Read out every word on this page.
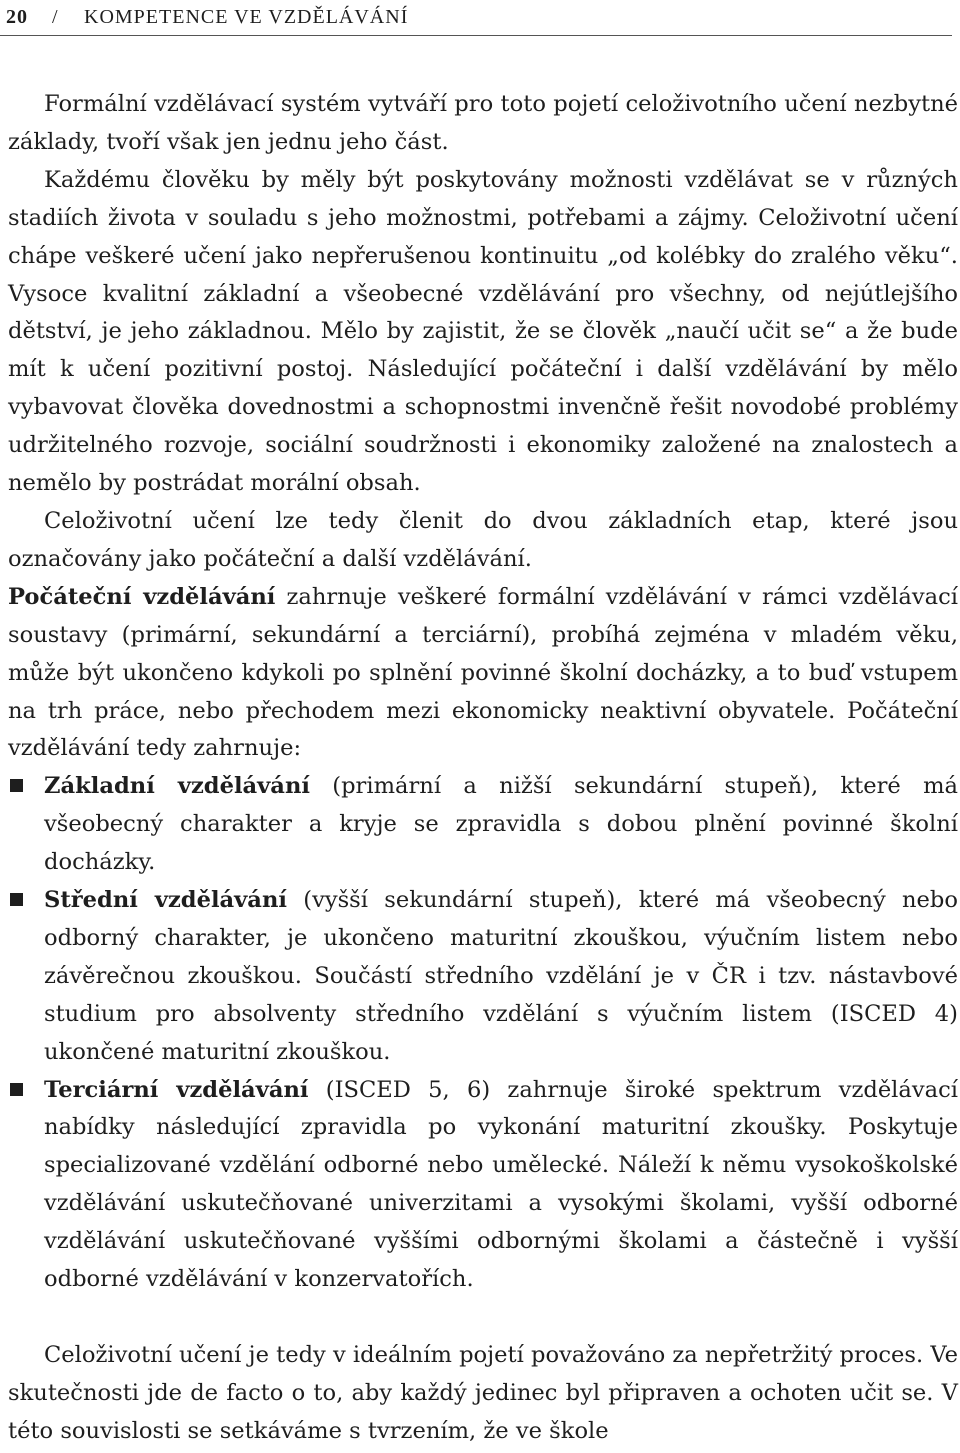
20 / KOMPETENCE VE VZDĚLÁVÁNÍ

Formální vzdělávací systém vytváří pro toto pojetí celoživotního učení nezbytné základy, tvoří však jen jednu jeho část.

Každému člověku by měly být poskytovány možnosti vzdělávat se v různých stadiích života v souladu s jeho možnostmi, potřebami a zájmy. Celoživotní učení chápe veškeré učení jako nepřerušenou kontinuitu „od kolébky do zralého věku“. Vysoce kvalitní základní a všeobecné vzdělávání pro všechny, od nejútlejšího dětství, je jeho základnou. Mělo by zajistit, že se člověk „naučí učit se“ a že bude mít k učení pozitivní postoj. Následující počáteční i další vzdělávání by mělo vybavovat člověka dovednostmi a schopnostmi invenčně řešit novodobé problémy udržitelného rozvoje, sociální soudržnosti i ekonomiky založené na znalostech a nemělo by postrádat morální obsah.

Celoživotní učení lze tedy členit do dvou základních etap, které jsou označovány jako počáteční a další vzdělávání.

Počáteční vzdělávání zahrnuje veškeré formální vzdělávání v rámci vzdělávací soustavy (primární, sekundární a terciární), probíhá zejména v mladém věku, může být ukončeno kdykoli po splnění povinné školní docházky, a to buď vstupem na trh práce, nebo přechodem mezi ekonomicky neaktivní obyvatele. Počáteční vzdělávání tedy zahrnuje:

Základní vzdělávání (primární a nižší sekundární stupeň), které má všeobecný charakter a kryje se zpravidla s dobou plnění povinné školní docházky.
Střední vzdělávání (vyšší sekundární stupeň), které má všeobecný nebo odborný charakter, je ukončeno maturitní zkouškou, výučním listem nebo závěrečnou zkouškou. Součástí středního vzdělání je v ČR i tzv. nástavbové studium pro absolventy středního vzdělání s výučním listem (ISCED 4) ukončené maturitní zkouškou.
Terciární vzdělávání (ISCED 5, 6) zahrnuje široké spektrum vzdělávací nabídky následující zpravidla po vykonání maturitní zkoušky. Poskytuje specializované vzdělání odborné nebo umělecké. Náleží k němu vysokoškolské vzdělávání uskutečňované univerzitami a vysokými školami, vyšší odborné vzdělávání uskutečňované vyššími odbornými školami a částečně i vyšší odborné vzdělávání v konzervatořích.

Celoživotní učení je tedy v ideálním pojetí považováno za nepřetržitý proces. Ve skutečnosti jde de facto o to, aby každý jedinec byl připraven a ochoten učit se. V této souvislosti se setkáváme s tvrzením, že ve škole
